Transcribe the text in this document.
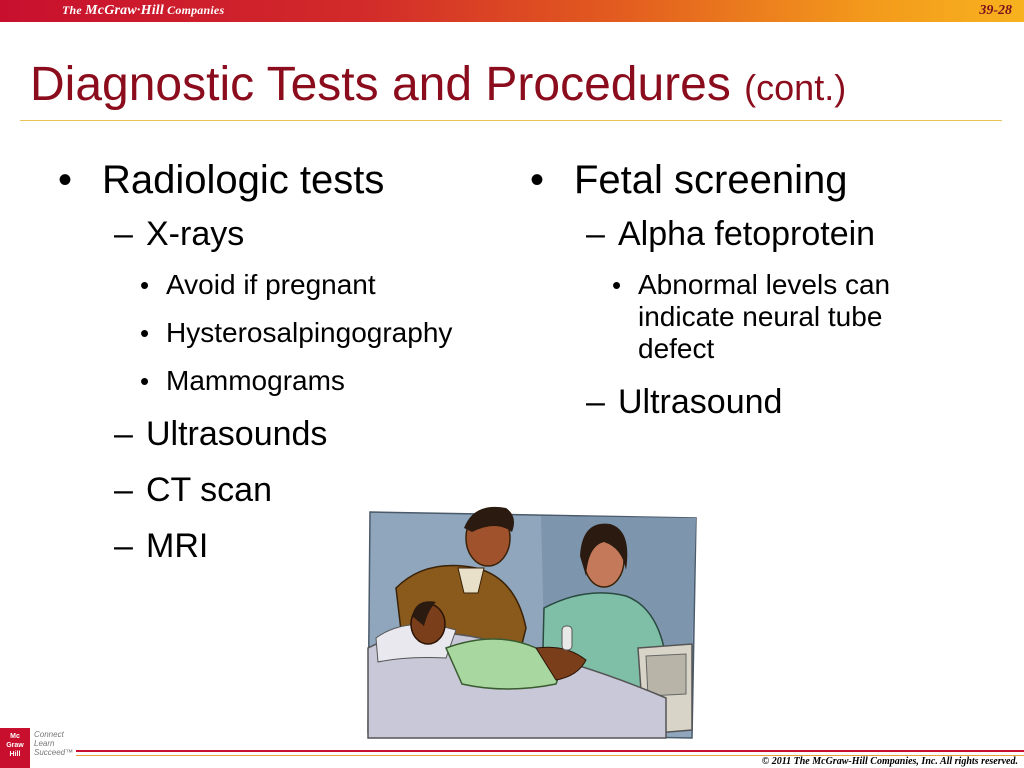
The McGraw·Hill Companies	39-28
Diagnostic Tests and Procedures (cont.)
• Radiologic tests
– X-rays
• Avoid if pregnant
• Hysterosalpingography
• Mammograms
– Ultrasounds
– CT scan
– MRI
• Fetal screening
– Alpha fetoprotein
• Abnormal levels can indicate neural tube defect
– Ultrasound
Mc
Graw
Hill
Connect
Learn
Succeed™
© 2011 The McGraw-Hill Companies, Inc. All rights reserved.
